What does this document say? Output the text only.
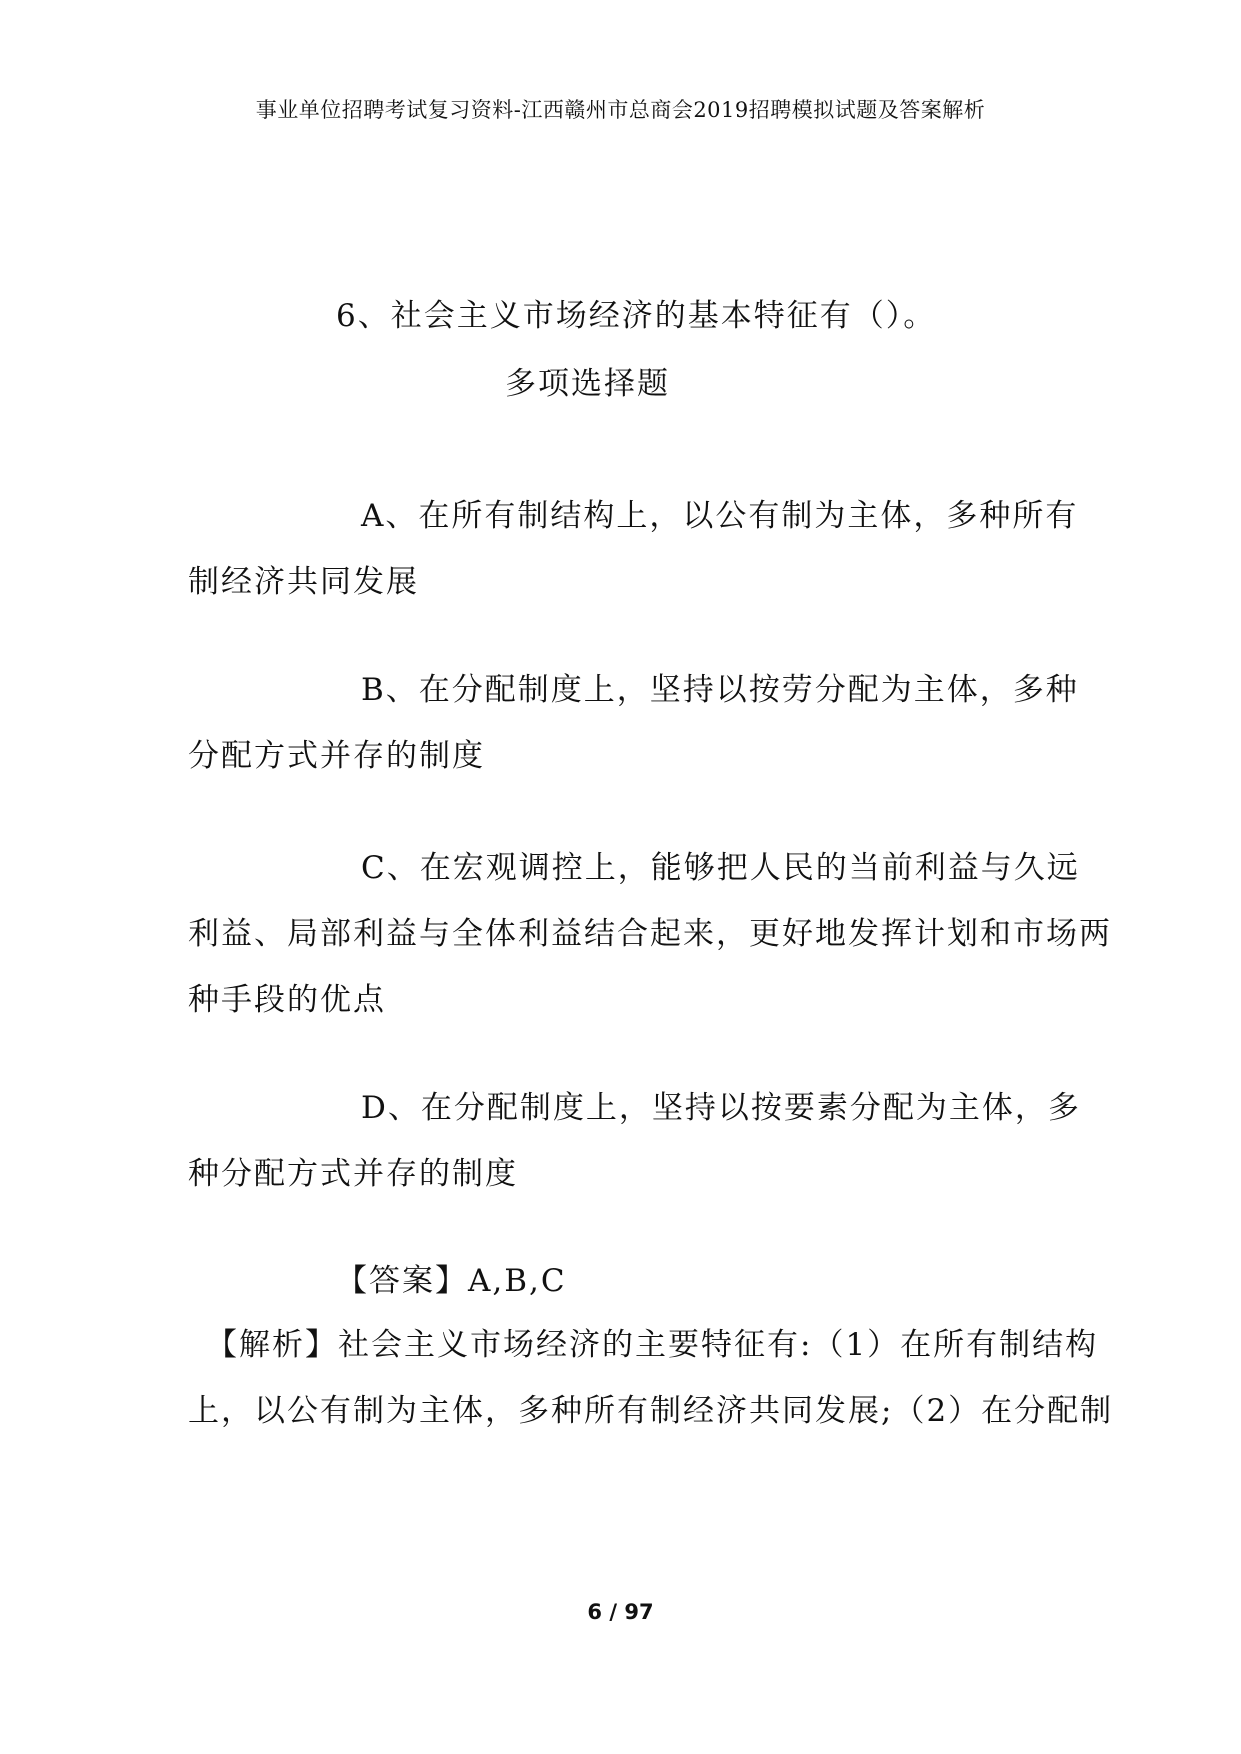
事业单位招聘考试复习资料-江西赣州市总商会2019招聘模拟试题及答案解析
6、社会主义市场经济的基本特征有（）。
多项选择题
A、在所有制结构上，以公有制为主体，多种所有
制经济共同发展
B、在分配制度上，坚持以按劳分配为主体，多种
分配方式并存的制度
C、在宏观调控上，能够把人民的当前利益与久远
利益、局部利益与全体利益结合起来，更好地发挥计划和市场两
种手段的优点
D、在分配制度上，坚持以按要素分配为主体，多
种分配方式并存的制度
【答案】A,B,C
【解析】社会主义市场经济的主要特征有:（1）在所有制结构
上，以公有制为主体，多种所有制经济共同发展;（2）在分配制
6 / 97
